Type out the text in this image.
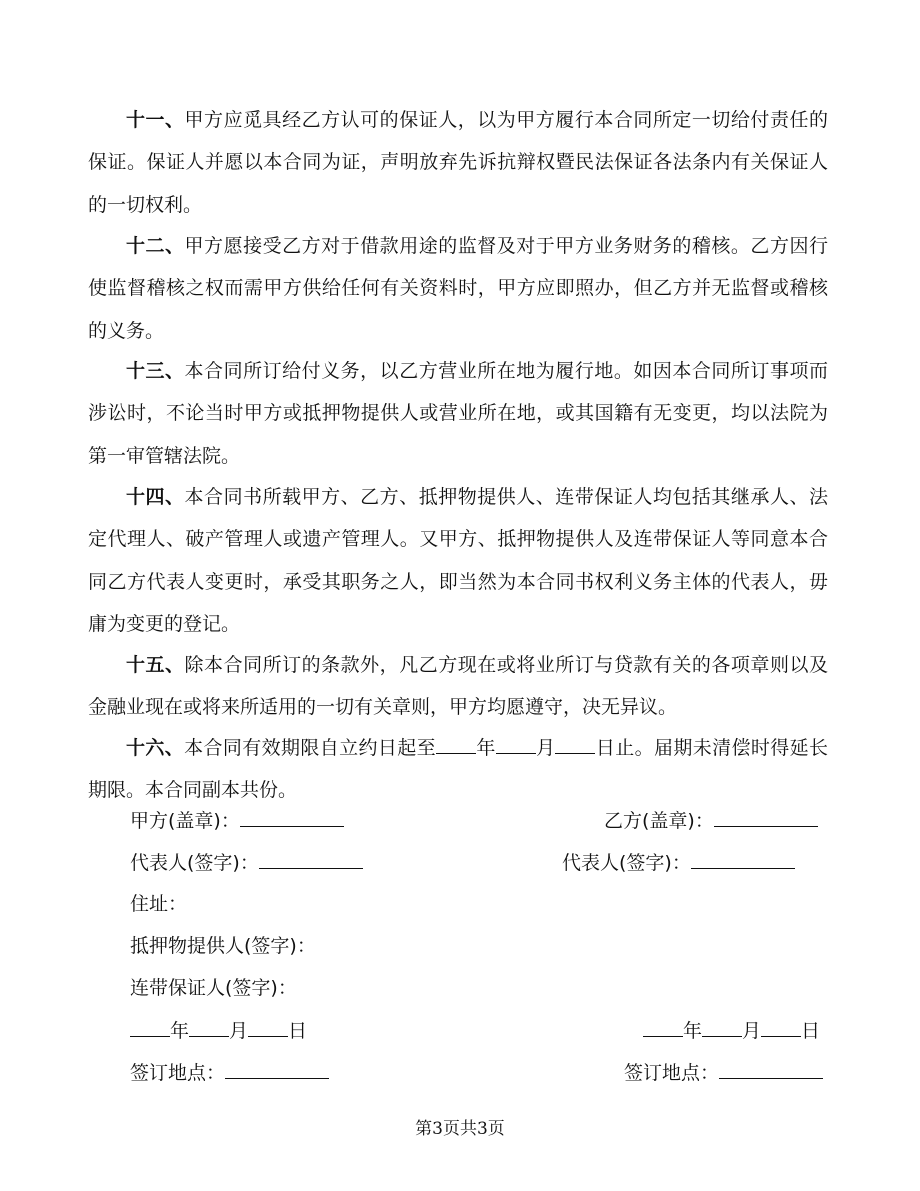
十一、甲方应觅具经乙方认可的保证人，以为甲方履行本合同所定一切给付责任的保证。保证人并愿以本合同为证，声明放弃先诉抗辩权暨民法保证各法条内有关保证人的一切权利。

十二、甲方愿接受乙方对于借款用途的监督及对于甲方业务财务的稽核。乙方因行使监督稽核之权而需甲方供给任何有关资料时，甲方应即照办，但乙方并无监督或稽核的义务。

十三、本合同所订给付义务，以乙方营业所在地为履行地。如因本合同所订事项而涉讼时，不论当时甲方或抵押物提供人或营业所在地，或其国籍有无变更，均以法院为第一审管辖法院。

十四、本合同书所载甲方、乙方、抵押物提供人、连带保证人均包括其继承人、法定代理人、破产管理人或遗产管理人。又甲方、抵押物提供人及连带保证人等同意本合同乙方代表人变更时，承受其职务之人，即当然为本合同书权利义务主体的代表人，毋庸为变更的登记。

十五、除本合同所订的条款外，凡乙方现在或将业所订与贷款有关的各项章则以及金融业现在或将来所适用的一切有关章则，甲方均愿遵守，决无异议。

十六、本合同有效期限自立约日起至 年 月 日止。届期未清偿时得延长期限。本合同副本共份。

甲方(盖章)：	乙方(盖章)：
代表人(签字)：	代表人(签字)：
住址：
抵押物提供人(签字)：
连带保证人(签字)：
年 月 日	年 月 日
签订地点：	签订地点：
第3页共3页
